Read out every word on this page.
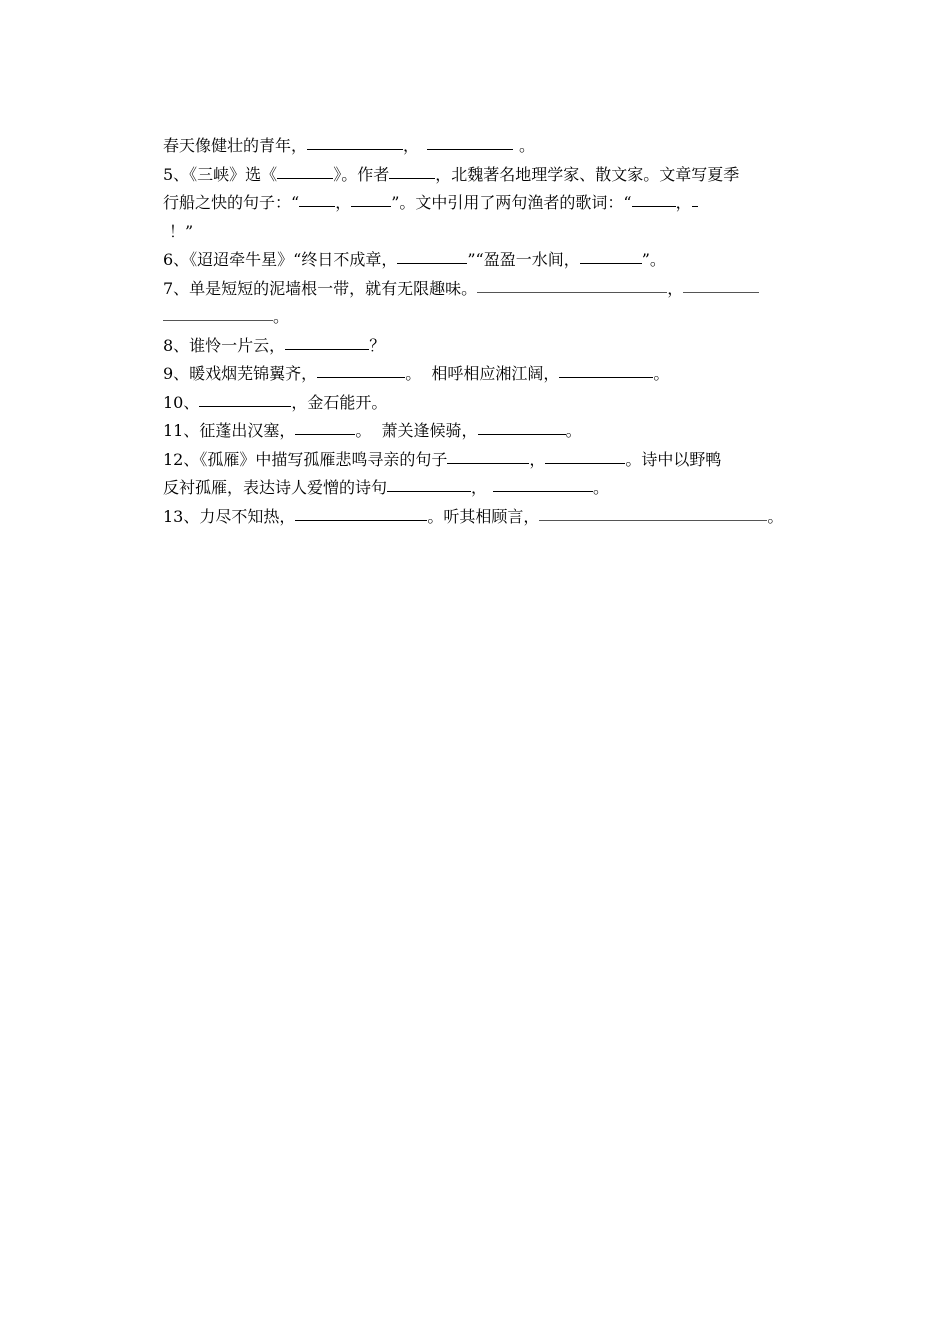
春天像健壮的青年，	，	。
5、《三峡》选《	》。作者	，北魏著名地理学家、散文家。文章写夏季
行船之快的句子：“ ，	”。文中引用了两句渔者的歌词：“	，
！”
6、《迢迢牵牛星》“终日不成章，	”“盈盈一水间，	”。
7、单是短短的泥墙根一带，就有无限趣味。	，
。
8、谁怜一片云，	？
9、暖戏烟芜锦翼齐，	。  相呼相应湘江阔，	。
10、	，金石能开。
11、征蓬出汉塞，	。  萧关逢候骑，	。
12、《孤雁》中描写孤雁悲鸣寻亲的句子	，	。诗中以野鸭
反衬孤雁，表达诗人爱憎的诗句	，	。
13、力尽不知热，	。听其相顾言，	。
